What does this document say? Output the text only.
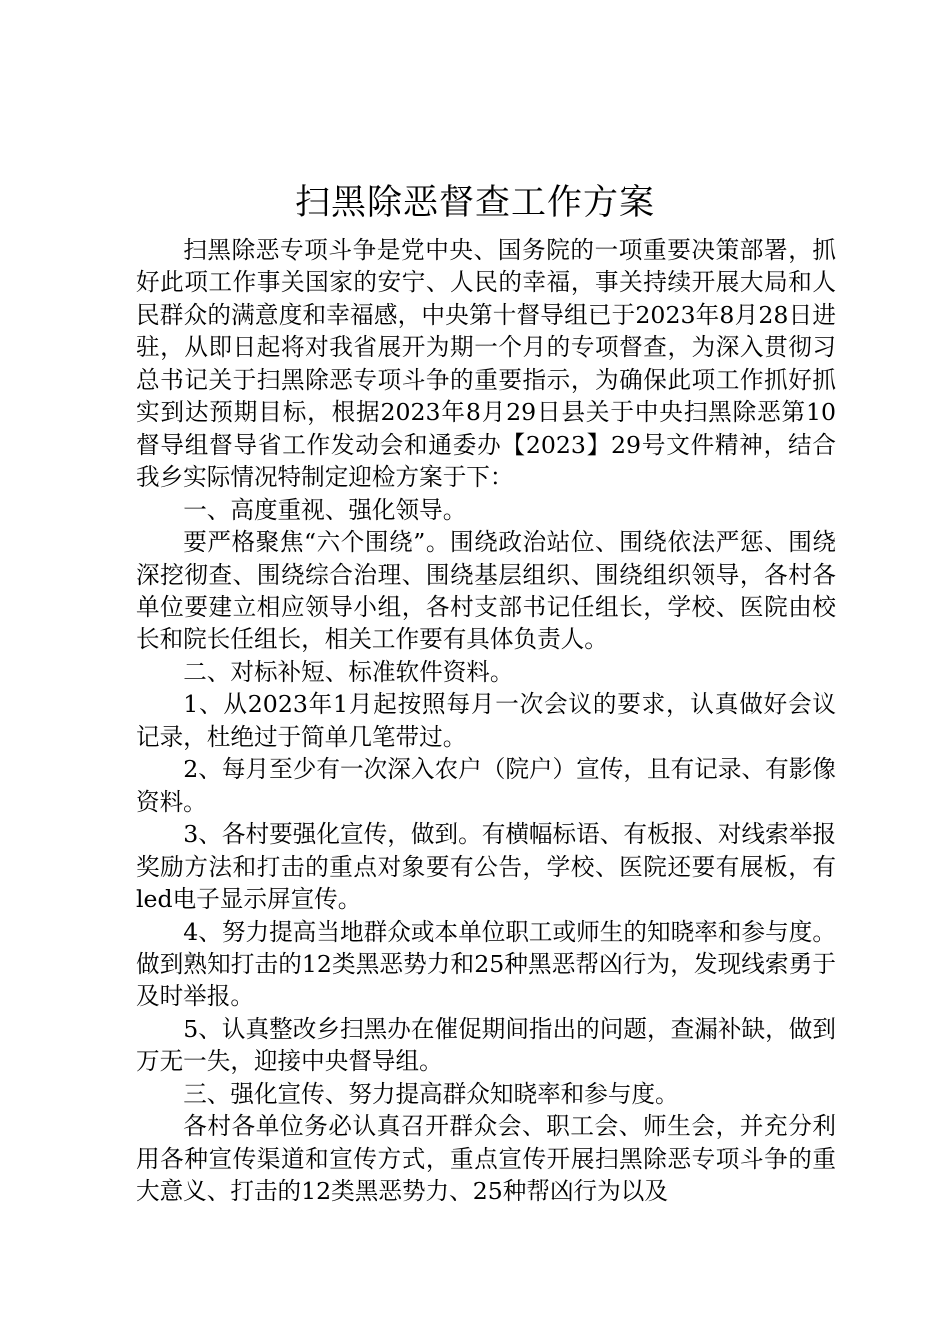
扫黑除恶督查工作方案

扫黑除恶专项斗争是党中央、国务院的一项重要决策部署，抓好此项工作事关国家的安宁、人民的幸福，事关持续开展大局和人民群众的满意度和幸福感，中央第十督导组已于2023年8月28日进驻，从即日起将对我省展开为期一个月的专项督查，为深入贯彻习总书记关于扫黑除恶专项斗争的重要指示，为确保此项工作抓好抓实到达预期目标，根据2023年8月29日县关于中央扫黑除恶第10督导组督导省工作发动会和通委办【2023】29号文件精神，结合我乡实际情况特制定迎检方案于下：

一、高度重视、强化领导。

要严格聚焦“六个围绕”。围绕政治站位、围绕依法严惩、围绕深挖彻查、围绕综合治理、围绕基层组织、围绕组织领导，各村各单位要建立相应领导小组，各村支部书记任组长，学校、医院由校长和院长任组长，相关工作要有具体负责人。

二、对标补短、标准软件资料。

1、从2023年1月起按照每月一次会议的要求，认真做好会议记录，杜绝过于简单几笔带过。

2、每月至少有一次深入农户（院户）宣传，且有记录、有影像资料。

3、各村要强化宣传，做到。有横幅标语、有板报、对线索举报奖励方法和打击的重点对象要有公告，学校、医院还要有展板，有led电子显示屏宣传。

4、努力提高当地群众或本单位职工或师生的知晓率和参与度。做到熟知打击的12类黑恶势力和25种黑恶帮凶行为，发现线索勇于及时举报。

5、认真整改乡扫黑办在催促期间指出的问题，查漏补缺，做到万无一失，迎接中央督导组。

三、强化宣传、努力提高群众知晓率和参与度。

各村各单位务必认真召开群众会、职工会、师生会，并充分利用各种宣传渠道和宣传方式，重点宣传开展扫黑除恶专项斗争的重大意义、打击的12类黑恶势力、25种帮凶行为以及
